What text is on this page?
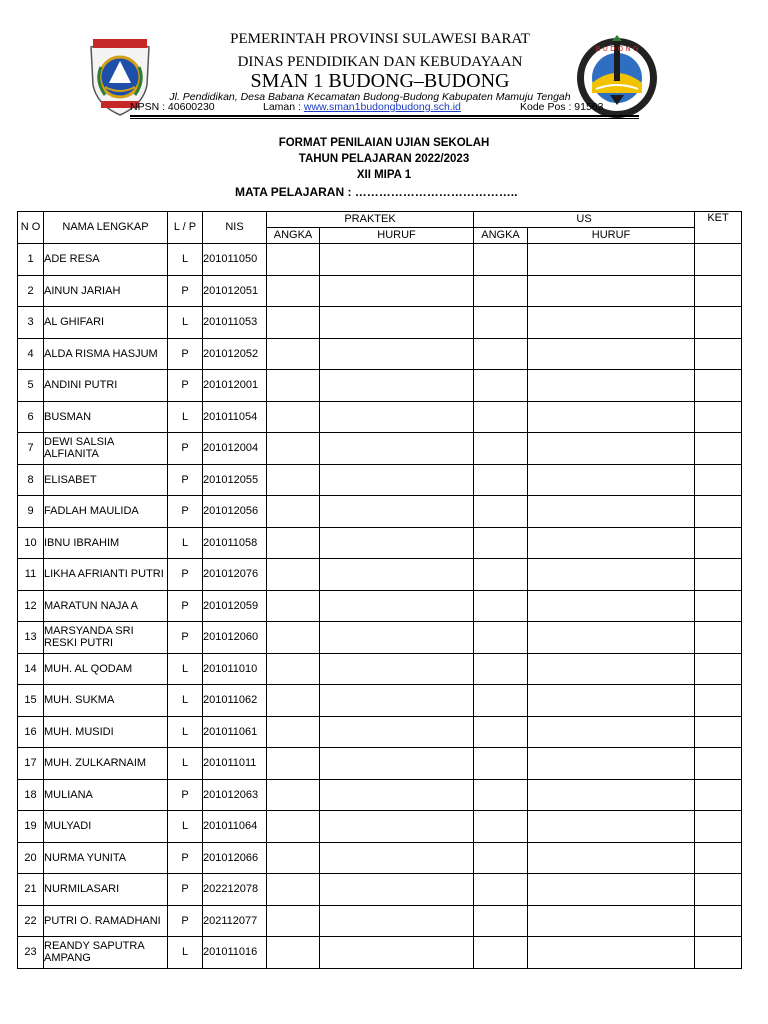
B U D O N G
PEMERINTAH PROVINSI SULAWESI BARAT
DINAS PENDIDIKAN DAN KEBUDAYAAN
SMAN 1 BUDONG–BUDONG
Jl. Pendidikan, Desa Babana Kecamatan Budong-Budong Kabupaten Mamuju Tengah
NPSN : 40600230	Laman : www.sman1budongbudong.sch.id	Kode Pos : 91563
FORMAT PENILAIAN UJIAN SEKOLAH
TAHUN PELAJARAN 2022/2023
XII MIPA 1
MATA PELAJARAN : …………………………………..
N O	NAMA LENGKAP	L / P	NIS	PRAKTEK		US		KET
				ANGKA	HURUF	ANGKA	HURUF	
1	ADE RESA	L	201011050					
2	AINUN JARIAH	P	201012051					
3	AL GHIFARI	L	201011053					
4	ALDA RISMA HASJUM	P	201012052					
5	ANDINI PUTRI	P	201012001					
6	BUSMAN	L	201011054					
7	DEWI SALSIA ALFIANITA	P	201012004					
8	ELISABET	P	201012055					
9	FADLAH MAULIDA	P	201012056					
10	IBNU IBRAHIM	L	201011058					
11	LIKHA AFRIANTI PUTRI	P	201012076					
12	MARATUN NAJA A	P	201012059					
13	MARSYANDA SRI RESKI PUTRI	P	201012060					
14	MUH. AL QODAM	L	201011010					
15	MUH. SUKMA	L	201011062					
16	MUH. MUSIDI	L	201011061					
17	MUH. ZULKARNAIM	L	201011011					
18	MULIANA	P	201012063					
19	MULYADI	L	201011064					
20	NURMA YUNITA	P	201012066					
21	NURMILASARI	P	202212078					
22	PUTRI O. RAMADHANI	P	202112077					
23	REANDY SAPUTRA AMPANG	L	201011016					
